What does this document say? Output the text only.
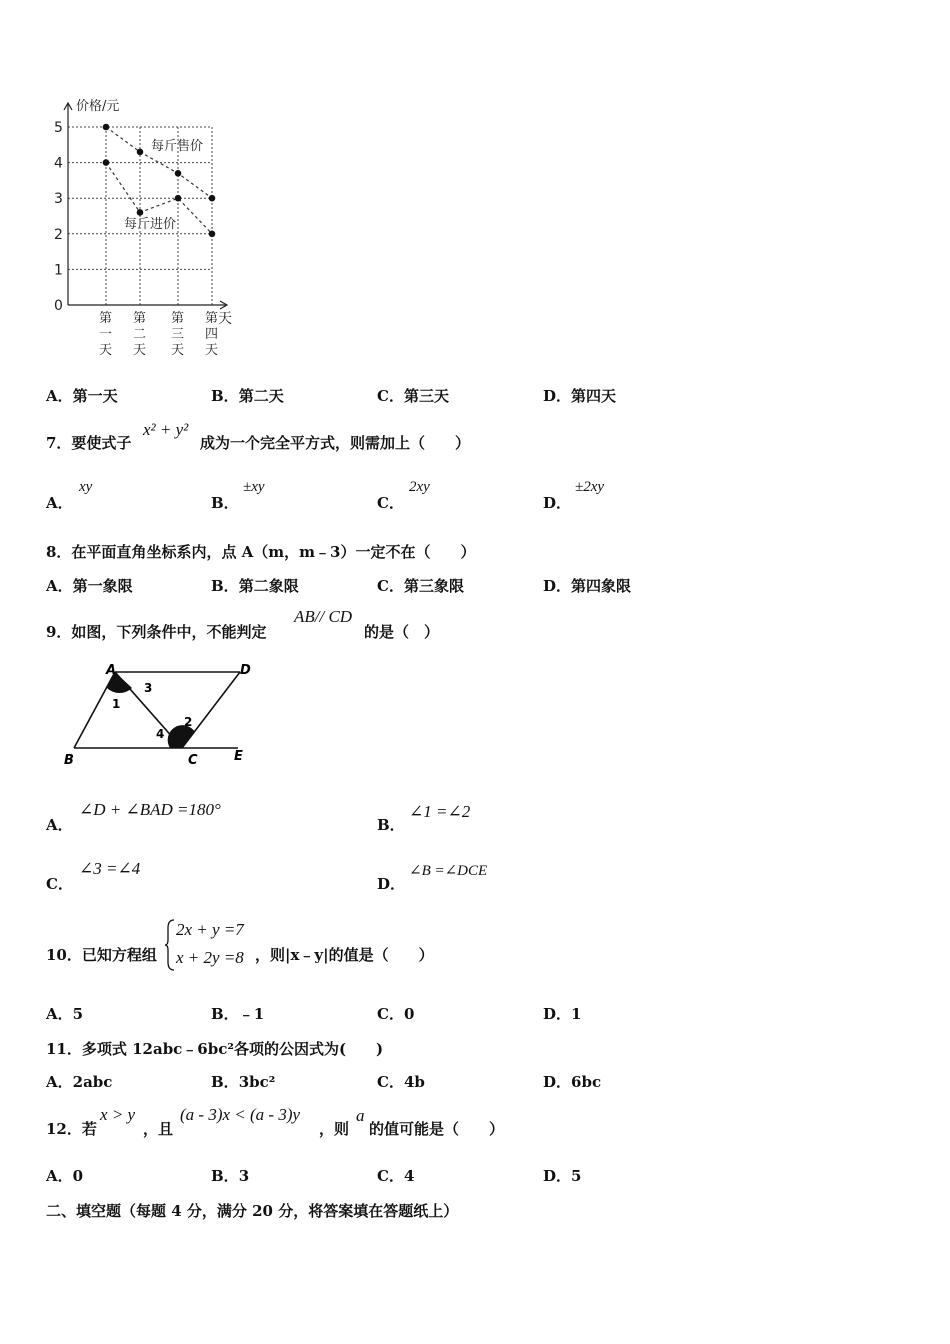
价格/元
天
0
1
2
3
4
5
第一天
第二天
第三天
第四天
每斤售价
每斤进价
A．第一天	B．第二天	C．第三天	D．第四天
7．要使式子
x² + y²
成为一个完全平方式，则需加上（　　）
A．
xy
B．
±xy
C．
2xy
D．
±2xy
8．在平面直角坐标系内，点 A（m，m﹣3）一定不在（　　）
A．第一象限	B．第二象限	C．第三象限	D．第四象限
9．如图，下列条件中，不能判定
AB// CD
的是（　）
A	D
B	C	E
1
3
2
4
A．
∠D + ∠BAD =180°
B．
∠1 =∠2
C．
∠3 =∠4
D．
∠B =∠DCE
10．已知方程组
2x + y =7
x + 2y =8 ，则|x﹣y|的值是（　　）
A．5	B．﹣1	C．0	D．1
11．多项式 12abc﹣6bc²各项的公因式为(　　)
A．2abc	B．3bc²	C．4b	D．6bc
12．若
x > y
，且
(a - 3)x < (a - 3)y
，则
a
的值可能是（　　）
A．0	B．3	C．4	D．5
二、填空题（每题 4 分，满分 20 分，将答案填在答题纸上）
